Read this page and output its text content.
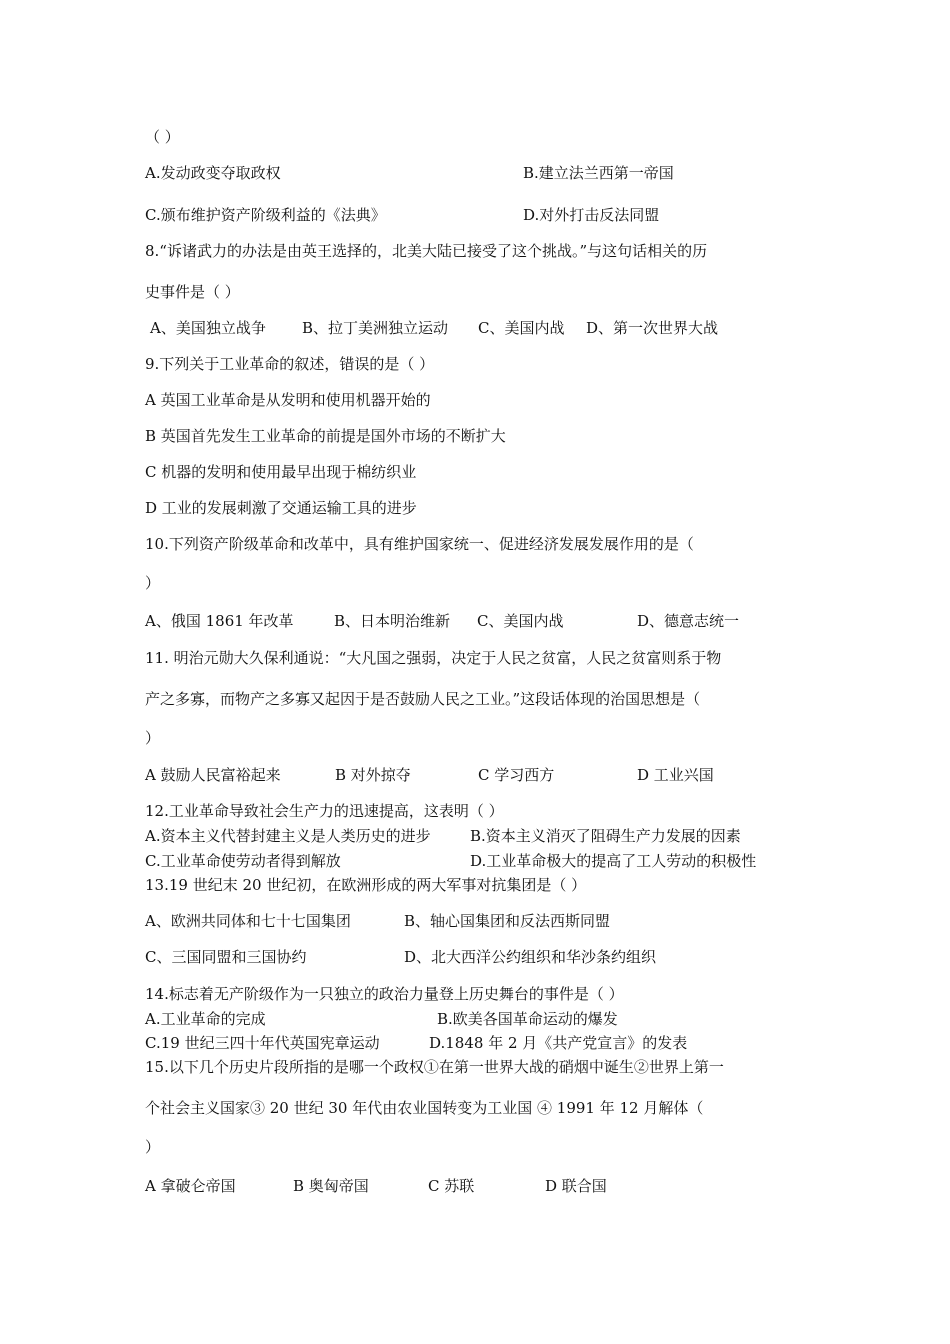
（ ）
A.发动政变夺取政权	B.建立法兰西第一帝国
C.颁布维护资产阶级利益的《法典》	D.对外打击反法同盟
8.“诉诸武力的办法是由英王选择的，北美大陆已接受了这个挑战。”与这句话相关的历
史事件是（ ）
A、美国独立战争 B、拉丁美洲独立运动 C、美国内战 D、第一次世界大战
9.下列关于工业革命的叙述，错误的是（ ）
A 英国工业革命是从发明和使用机器开始的
B 英国首先发生工业革命的前提是国外市场的不断扩大
C 机器的发明和使用最早出现于棉纺织业
D 工业的发展刺激了交通运输工具的进步
10.下列资产阶级革命和改革中，具有维护国家统一、促进经济发展发展作用的是（
）
A、俄国 1861 年改革	B、日本明治维新 C、美国内战	D、德意志统一
11. 明治元勋大久保利通说：“大凡国之强弱，决定于人民之贫富，人民之贫富则系于物
产之多寡，而物产之多寡又起因于是否鼓励人民之工业。”这段话体现的治国思想是（
）
A 鼓励人民富裕起来	B 对外掠夺	C 学习西方	D 工业兴国
12.工业革命导致社会生产力的迅速提高，这表明（ ）
A.资本主义代替封建主义是人类历史的进步	B.资本主义消灭了阻碍生产力发展的因素
C.工业革命使劳动者得到解放	D.工业革命极大的提高了工人劳动的积极性
13.19 世纪末 20 世纪初，在欧洲形成的两大军事对抗集团是（ ）
A、欧洲共同体和七十七国集团	B、轴心国集团和反法西斯同盟
C、三国同盟和三国协约	D、北大西洋公约组织和华沙条约组织
14.标志着无产阶级作为一只独立的政治力量登上历史舞台的事件是（ ）
A.工业革命的完成	B.欧美各国革命运动的爆发
C.19 世纪三四十年代英国宪章运动	D.1848 年 2 月《共产党宣言》的发表
15.以下几个历史片段所指的是哪一个政权①在第一世界大战的硝烟中诞生②世界上第一
个社会主义国家③ 20 世纪 30 年代由农业国转变为工业国 ④ 1991 年 12 月解体（
）
A 拿破仑帝国	B 奥匈帝国	C 苏联	D 联合国
